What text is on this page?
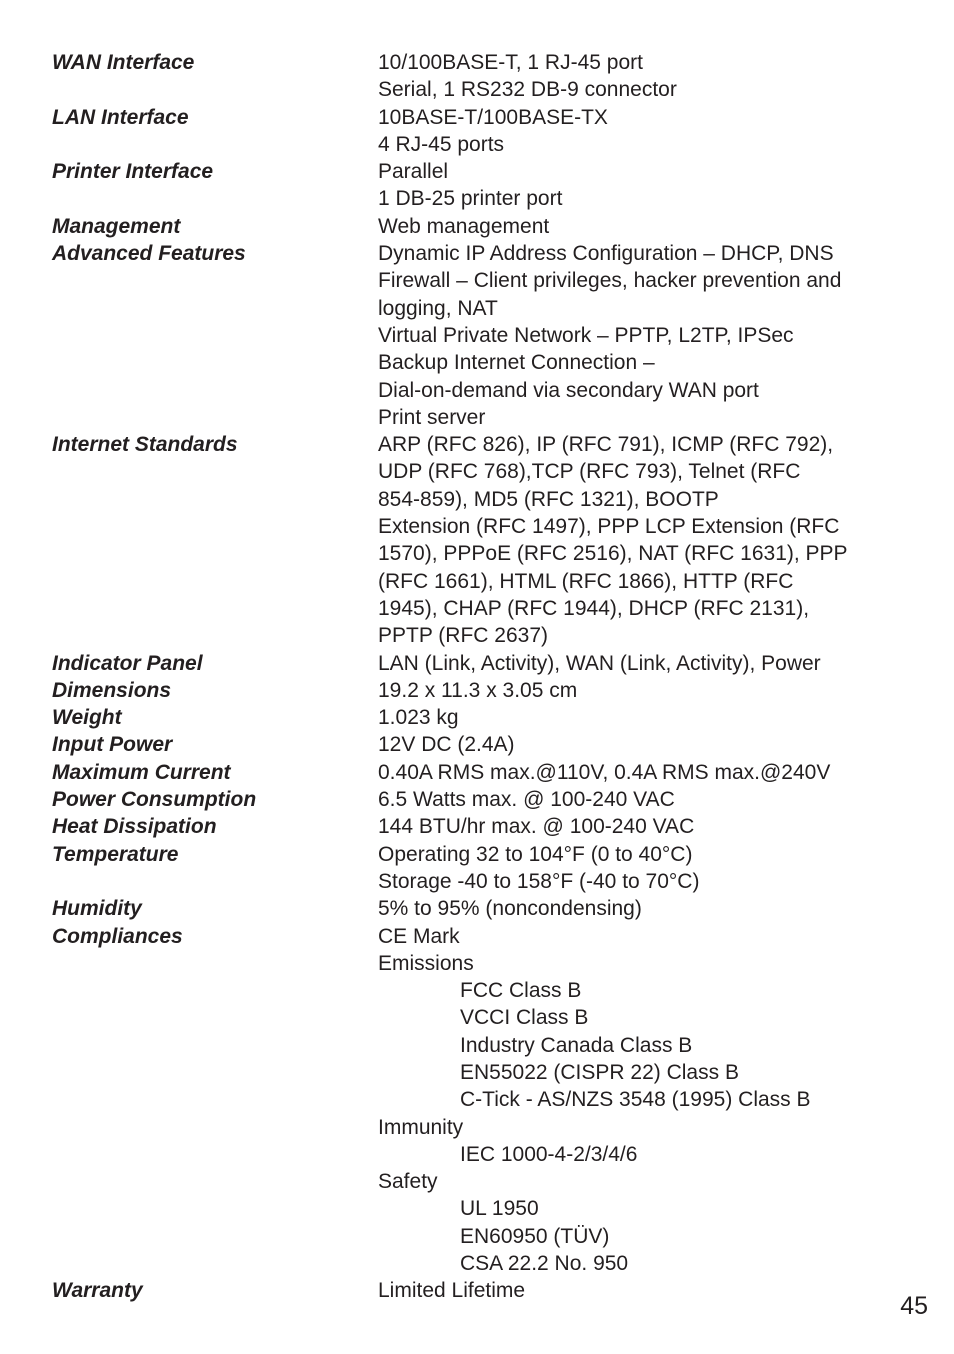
WAN Interface	10/100BASE-T, 1 RJ-45 port
Serial, 1 RS232 DB-9 connector
LAN Interface	10BASE-T/100BASE-TX
4 RJ-45 ports
Printer Interface	Parallel
1 DB-25 printer port
Management	Web management
Advanced Features	Dynamic IP Address Configuration – DHCP, DNS
Firewall – Client privileges, hacker prevention and
logging, NAT
Virtual Private Network – PPTP, L2TP, IPSec
Backup Internet Connection –
Dial-on-demand via secondary WAN port
Print server
Internet Standards	ARP (RFC 826), IP (RFC 791), ICMP (RFC 792),
UDP (RFC 768),TCP (RFC 793), Telnet (RFC
854-859), MD5 (RFC 1321), BOOTP
Extension (RFC 1497), PPP LCP Extension (RFC
1570), PPPoE (RFC 2516), NAT (RFC 1631), PPP
(RFC 1661), HTML (RFC 1866), HTTP (RFC
1945), CHAP (RFC 1944), DHCP (RFC 2131),
PPTP (RFC 2637)
Indicator Panel	LAN (Link, Activity), WAN (Link, Activity), Power
Dimensions	19.2 x 11.3 x 3.05 cm
Weight	1.023 kg
Input Power	12V DC (2.4A)
Maximum Current	0.40A RMS max.@110V, 0.4A RMS max.@240V
Power Consumption	6.5 Watts max. @ 100-240 VAC
Heat Dissipation	144 BTU/hr max. @ 100-240 VAC
Temperature	Operating 32 to 104°F (0 to 40°C)
Storage -40 to 158°F (-40 to 70°C)
Humidity	5% to 95% (noncondensing)
Compliances	CE Mark
Emissions
FCC Class B
VCCI Class B
Industry Canada Class B
EN55022 (CISPR 22) Class B
C-Tick - AS/NZS 3548 (1995) Class B
Immunity
IEC 1000-4-2/3/4/6
Safety
UL 1950
EN60950 (TÜV)
CSA 22.2 No. 950
Warranty	Limited Lifetime
45
